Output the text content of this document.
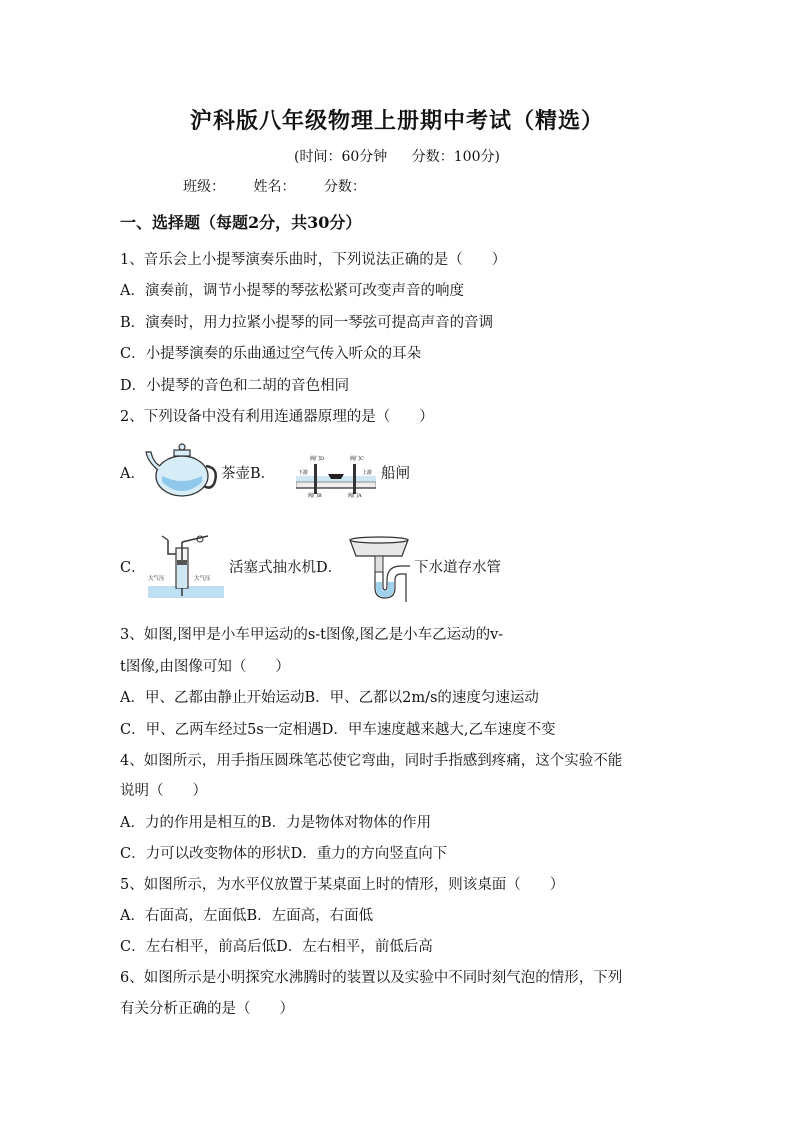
沪科版八年级物理上册期中考试（精选）
(时间：60分钟 分数：100分)
班级： 姓名： 分数：
一、选择题（每题2分，共30分）
1、音乐会上小提琴演奏乐曲时，下列说法正确的是（　　）
A．演奏前，调节小提琴的琴弦松紧可改变声音的响度
B．演奏时，用力拉紧小提琴的同一琴弦可提高声音的音调
C．小提琴演奏的乐曲通过空气传入听众的耳朵
D．小提琴的音色和二胡的音色相同
2、下列设备中没有利用连通器原理的是（　　）
A．	茶壶B．
阀门D	阀门C
下游	上游
阀门B	阀门A
船闸
C．
大气压	大气压
活塞式抽水机D．	下水道存水管
3、如图,图甲是小车甲运动的s-t图像,图乙是小车乙运动的v-
t图像,由图像可知（　　）
A．甲、乙都由静止开始运动B．甲、乙都以2m/s的速度匀速运动
C．甲、乙两车经过5s一定相遇D．甲车速度越来越大,乙车速度不变
4、如图所示，用手指压圆珠笔芯使它弯曲，同时手指感到疼痛，这个实验不能
说明（　　）
A．力的作用是相互的B．力是物体对物体的作用
C．力可以改变物体的形状D．重力的方向竖直向下
5、如图所示，为水平仪放置于某桌面上时的情形，则该桌面（　　）
A．右面高，左面低B．左面高，右面低
C．左右相平，前高后低D．左右相平，前低后高
6、如图所示是小明探究水沸腾时的装置以及实验中不同时刻气泡的情形，下列
有关分析正确的是（　　）
